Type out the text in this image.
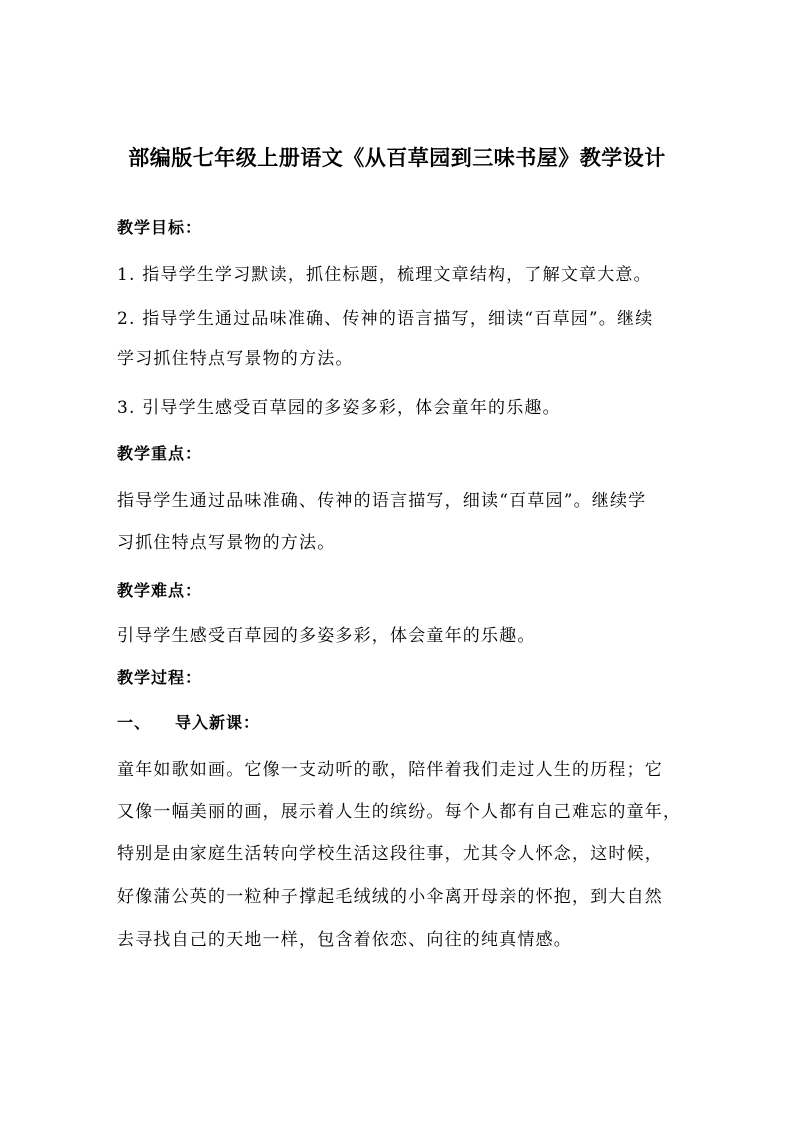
部编版七年级上册语文《从百草园到三味书屋》教学设计
教学目标：
1. 指导学生学习默读，抓住标题，梳理文章结构，了解文章大意。
2. 指导学生通过品味准确、传神的语言描写，细读“百草园”。继续
学习抓住特点写景物的方法。
3. 引导学生感受百草园的多姿多彩，体会童年的乐趣。
教学重点：
指导学生通过品味准确、传神的语言描写，细读“百草园”。继续学
习抓住特点写景物的方法。
教学难点：
引导学生感受百草园的多姿多彩，体会童年的乐趣。
教学过程：
一、 导入新课：
童年如歌如画。它像一支动听的歌，陪伴着我们走过人生的历程；它
又像一幅美丽的画，展示着人生的缤纷。每个人都有自己难忘的童年，
特别是由家庭生活转向学校生活这段往事，尤其令人怀念，这时候，
好像蒲公英的一粒种子撑起毛绒绒的小伞离开母亲的怀抱，到大自然
去寻找自己的天地一样，包含着依恋、向往的纯真情感。
